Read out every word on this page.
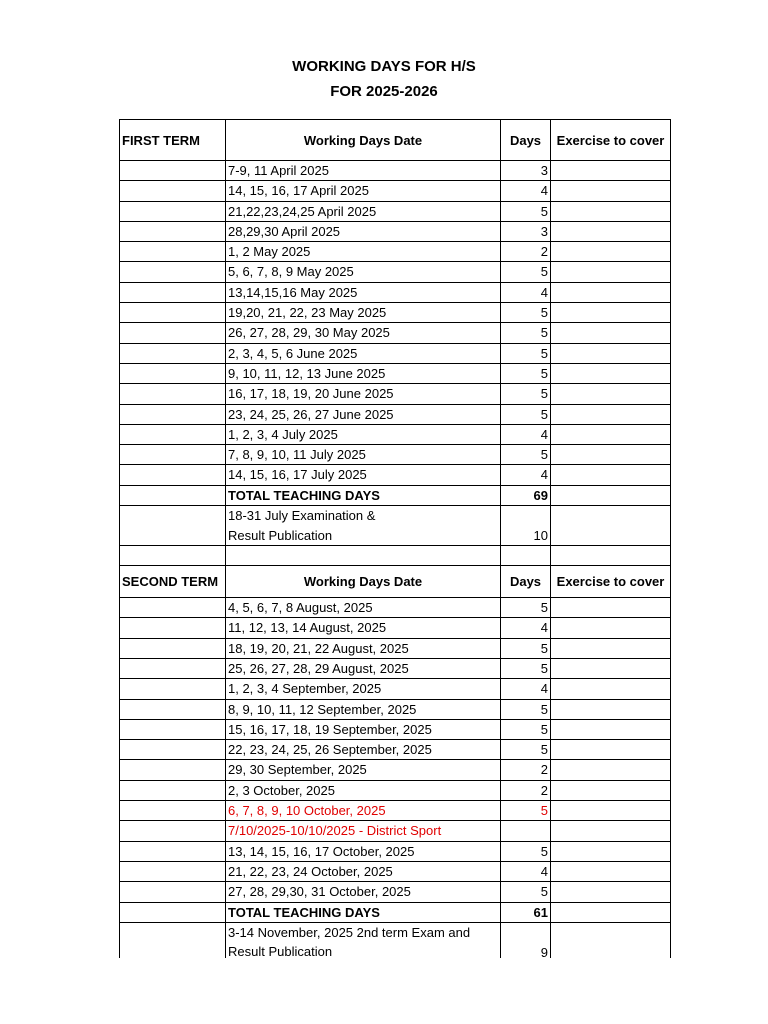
WORKING DAYS FOR H/S
FOR 2025-2026
FIRST TERM	Working Days Date	Days	Exercise to cover
7-9, 11 April 2025	3
14, 15, 16, 17 April 2025	4
21,22,23,24,25 April 2025	5
28,29,30 April 2025	3
1, 2 May 2025	2
5, 6, 7, 8, 9 May 2025	5
13,14,15,16 May 2025	4
19,20, 21, 22, 23 May 2025	5
26, 27, 28, 29, 30 May 2025	5
2, 3, 4, 5, 6 June 2025	5
9, 10, 11, 12, 13 June 2025	5
16, 17, 18, 19, 20 June 2025	5
23, 24, 25, 26, 27 June 2025	5
1, 2, 3, 4 July 2025	4
7, 8, 9, 10, 11 July 2025	5
14, 15, 16, 17 July 2025	4
TOTAL TEACHING DAYS	69
18-31 July Examination &
Result Publication	10
SECOND TERM	Working Days Date	Days	Exercise to cover
4, 5, 6, 7, 8 August, 2025	5
11, 12, 13, 14 August, 2025	4
18, 19, 20, 21, 22 August, 2025	5
25, 26, 27, 28, 29 August, 2025	5
1, 2, 3, 4 September, 2025	4
8, 9, 10, 11, 12 September, 2025	5
15, 16, 17, 18, 19 September, 2025	5
22, 23, 24, 25, 26 September, 2025	5
29, 30 September, 2025	2
2, 3 October, 2025	2
6, 7, 8, 9, 10 October, 2025	5
7/10/2025-10/10/2025 - District Sport
13, 14, 15, 16, 17 October, 2025	5
21, 22, 23, 24 October, 2025	4
27, 28, 29,30, 31 October, 2025	5
TOTAL TEACHING DAYS	61
3-14 November, 2025 2nd term Exam and
Result Publication	9
